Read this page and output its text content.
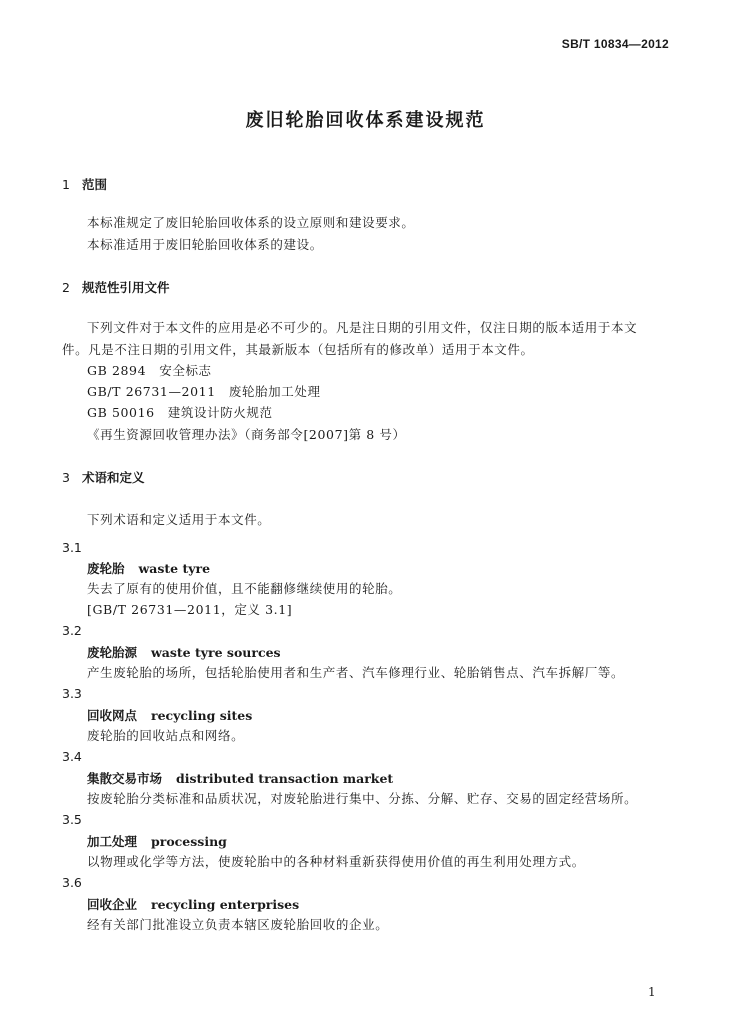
SB/T 10834—2012
废旧轮胎回收体系建设规范
1 范围
本标准规定了废旧轮胎回收体系的设立原则和建设要求。
本标准适用于废旧轮胎回收体系的建设。
2 规范性引用文件
下列文件对于本文件的应用是必不可少的。凡是注日期的引用文件，仅注日期的版本适用于本文
件。凡是不注日期的引用文件，其最新版本（包括所有的修改单）适用于本文件。
GB 2894　安全标志
GB/T 26731—2011　废轮胎加工处理
GB 50016　建筑设计防火规范
《再生资源回收管理办法》（商务部令[2007]第 8 号）
3 术语和定义
下列术语和定义适用于本文件。
3.1
废轮胎 waste tyre
失去了原有的使用价值，且不能翻修继续使用的轮胎。
[GB/T 26731—2011，定义 3.1]
3.2
废轮胎源 waste tyre sources
产生废轮胎的场所，包括轮胎使用者和生产者、汽车修理行业、轮胎销售点、汽车拆解厂等。
3.3
回收网点 recycling sites
废轮胎的回收站点和网络。
3.4
集散交易市场 distributed transaction market
按废轮胎分类标准和品质状况，对废轮胎进行集中、分拣、分解、贮存、交易的固定经营场所。
3.5
加工处理 processing
以物理或化学等方法，使废轮胎中的各种材料重新获得使用价值的再生利用处理方式。
3.6
回收企业 recycling enterprises
经有关部门批准设立负责本辖区废轮胎回收的企业。
1
